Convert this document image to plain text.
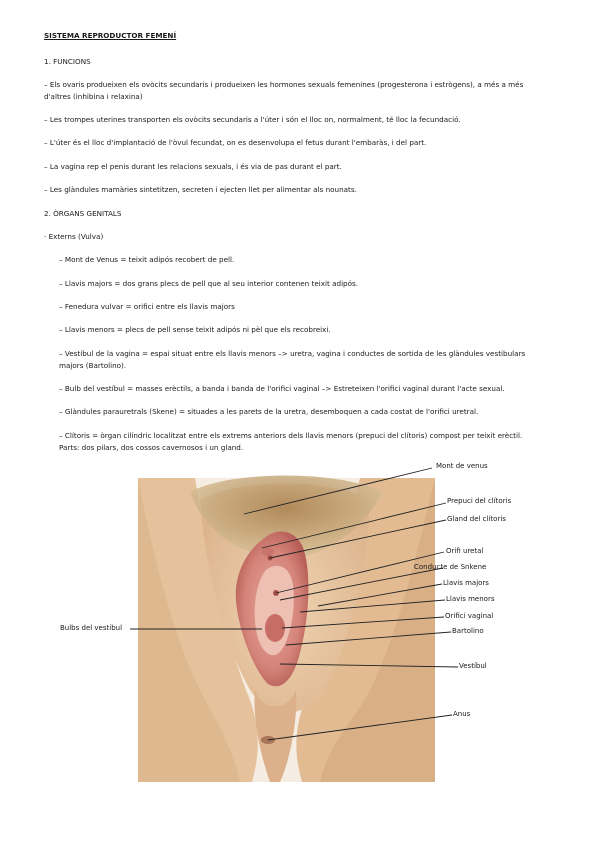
SISTEMA REPRODUCTOR FEMENÍ
1. FUNCIONS
– Els ovaris produeixen els ovòcits secundaris i produeixen les hormones sexuals femenines (progesterona i estrògens), a més a més d'altres (inhibina i relaxina)
– Les trompes uterines transporten els ovòcits secundaris a l'úter i són el lloc on, normalment, té lloc la fecundació.
– L'úter és el lloc d'implantació de l'òvul fecundat, on es desenvolupa el fetus durant l'embaràs, i del part.
– La vagina rep el penis durant les relacions sexuals, i és via de pas durant el part.
– Les glàndules mamàries sintetitzen, secreten i ejecten llet per alimentar als nounats.
2. ÒRGANS GENITALS
· Externs (Vulva)
– Mont de Venus = teixit adipós recobert de pell.
– Llavis majors = dos grans plecs de pell que al seu interior contenen teixit adipós.
– Fenedura vulvar = orifici entre els llavis majors
– Llavis menors = plecs de pell sense teixit adipós ni pèl que els recobreixi.
– Vestíbul de la vagina = espai situat entre els llavis menors –> uretra, vagina i conductes de sortida de les glàndules vestibulars majors (Bartolino).
– Bulb del vestíbul = masses erèctils, a banda i banda de l'orifici vaginal –> Estreteixen l'orifici vaginal durant l'acte sexual.
– Glàndules parauretrals (Skene) = situades a les parets de la uretra, desemboquen a cada costat de l'orifici uretral.
– Clítoris = òrgan cilíndric localitzat entre els extrems anteriors dels llavis menors (prepuci del clítoris) compost per teixit erèctil. Parts: dos pilars, dos cossos cavernosos i un gland.
Mont de venus
Prepuci del clítoris
Gland del clítoris
Orifi uretal
Conducte de Snkene
Llavis majors
Llavis menors
Orifici vaginal
Bartolino
Vestíbul
Anus
Bulbs del vestíbul
